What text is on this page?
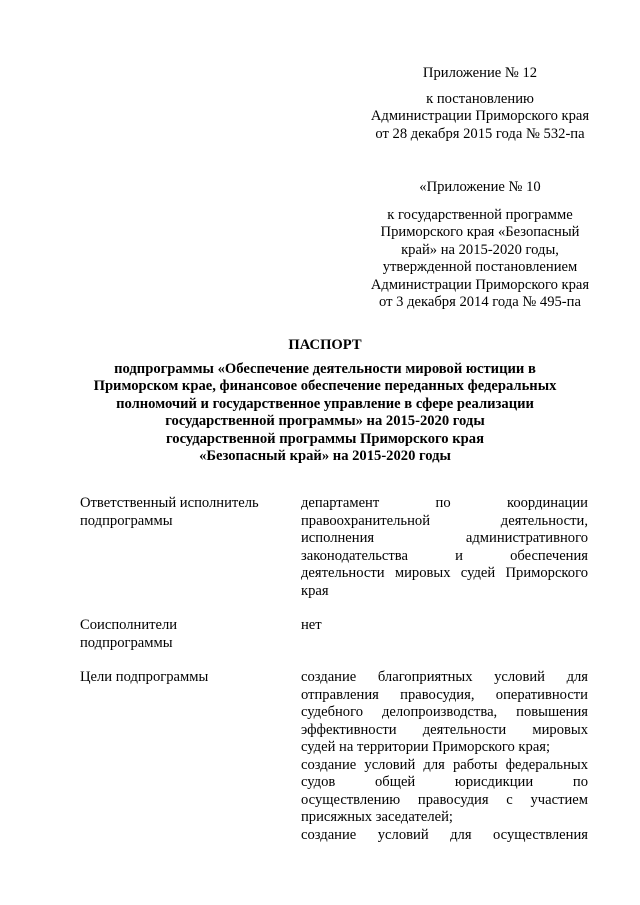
Приложение № 12
к постановлению
Администрации Приморского края
от 28 декабря 2015 года № 532-па
«Приложение № 10
к государственной программе
Приморского края «Безопасный
край» на 2015-2020 годы,
утвержденной постановлением
Администрации Приморского края
от 3 декабря 2014 года № 495-па
ПАСПОРТ
подпрограммы «Обеспечение деятельности мировой юстиции в
Приморском крае, финансовое обеспечение переданных федеральных
полномочий и государственное управление в сфере реализации
государственной программы» на 2015-2020 годы
государственной программы Приморского края
«Безопасный край» на 2015-2020 годы
Ответственный исполнитель
подпрограммы
департамент по координации
правоохранительной деятельности,
исполнения административного
законодательства и обеспечения
деятельности мировых судей Приморского
края
Соисполнители
подпрограммы
нет
Цели подпрограммы	создание благоприятных условий для
отправления правосудия, оперативности
судебного делопроизводства, повышения
эффективности деятельности мировых
судей на территории Приморского края;
создание условий для работы федеральных
судов общей юрисдикции по
осуществлению правосудия с участием
присяжных заседателей;
создание условий для осуществления
